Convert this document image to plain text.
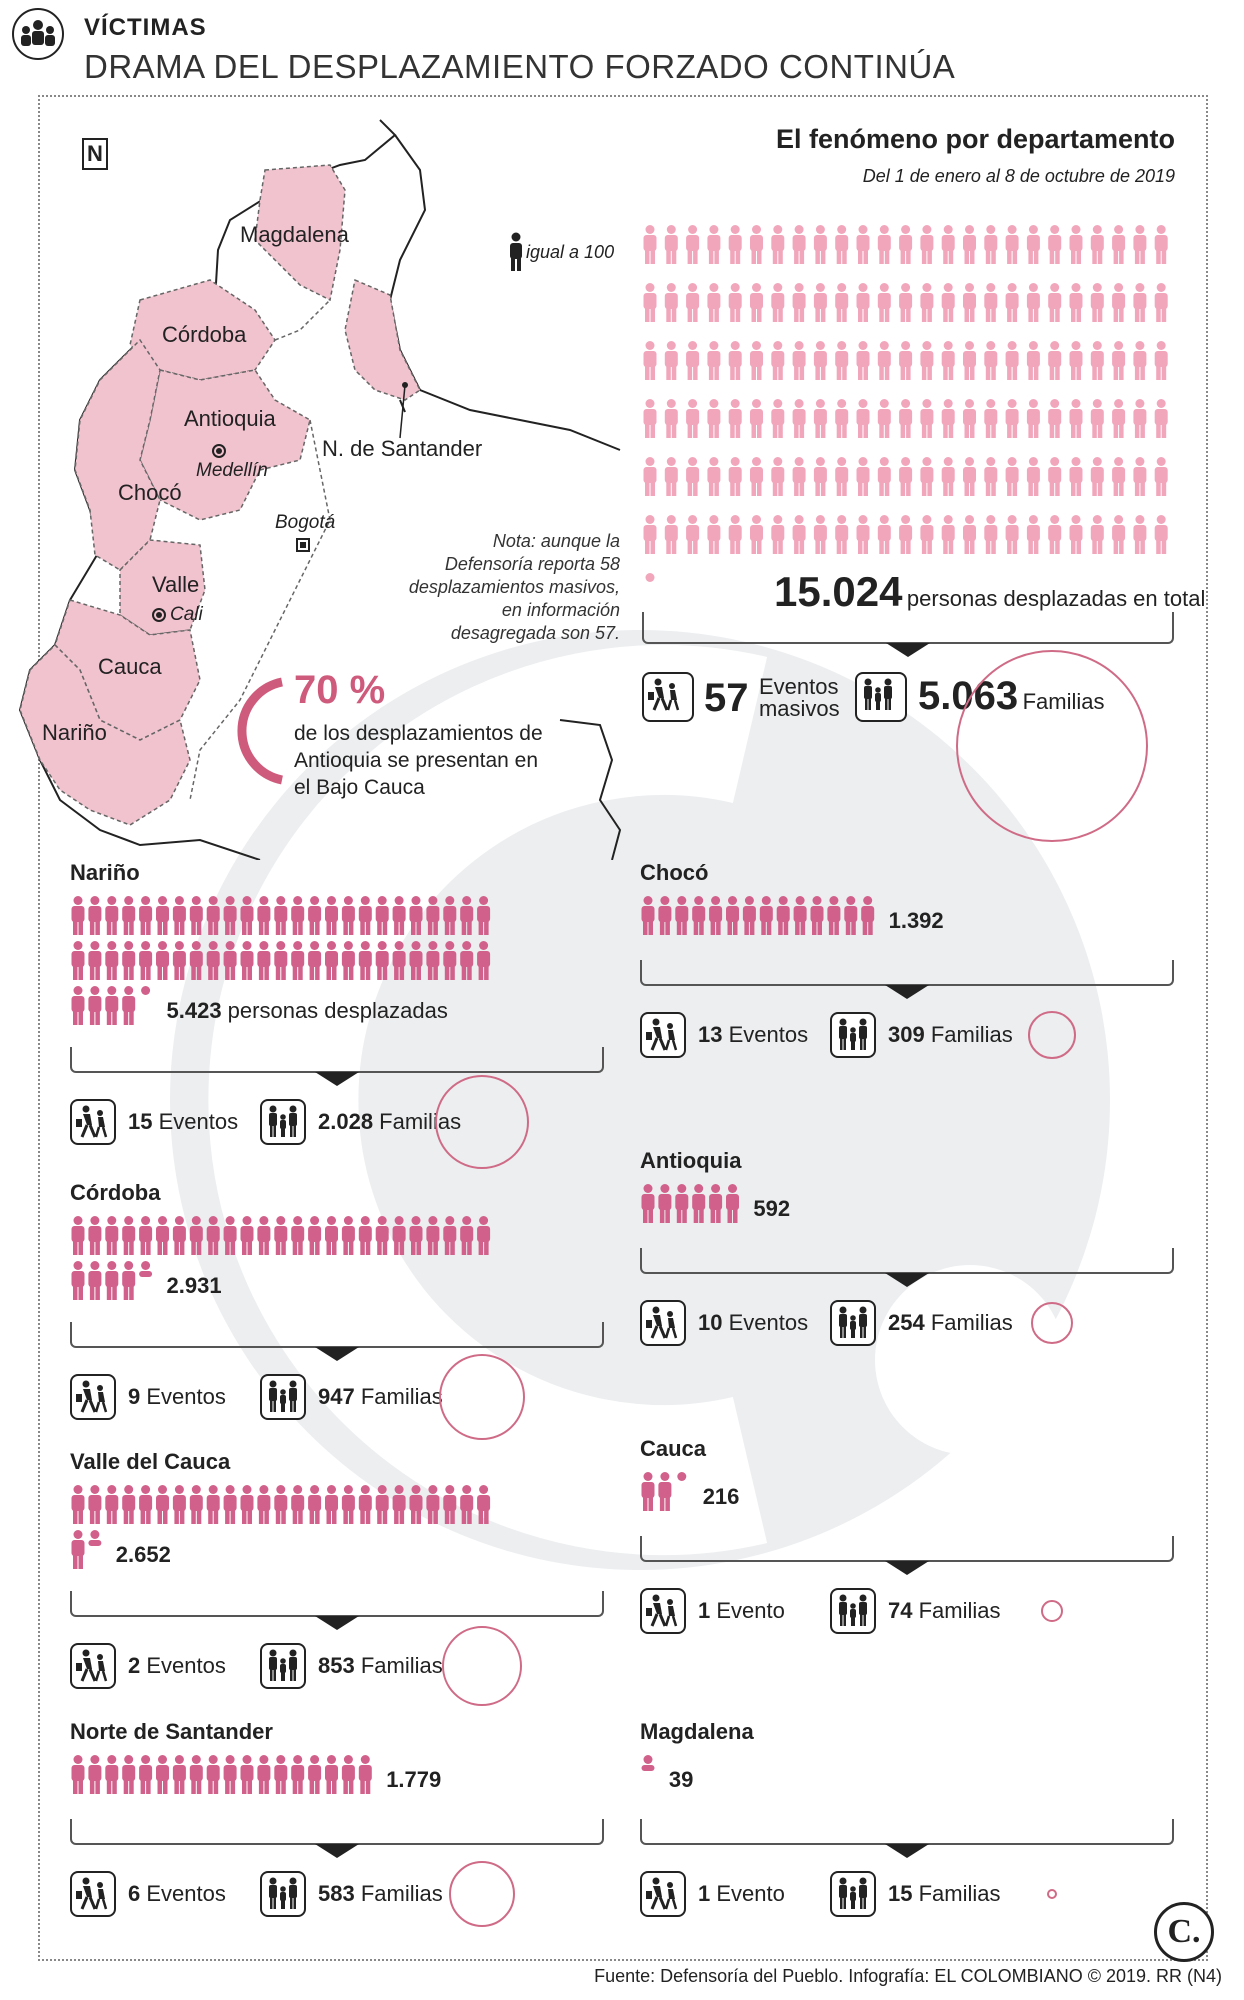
VÍCTIMAS
DRAMA DEL DESPLAZAMIENTO FORZADO CONTINÚA
N
Magdalena
Córdoba
Antioquia
N. de Santander
Chocó
Valle
Cauca
Nariño
Medellín
Bogotá
Cali
igual a 100
Nota: aunque la
Defensoría reporta 58
desplazamientos masivos,
en información
desagregada son 57.
70 %
de los desplazamientos de
Antioquia se presentan en
el Bajo Cauca
El fenómeno por departamento
Del 1 de enero al 8 de octubre de 2019
15.024 personas desplazadas en total
57 Eventos
masivos 5.063 Familias
Nariño
5.423 personas desplazadas
15 Eventos	2.028 Familias
Chocó
1.392
13 Eventos	309 Familias
Córdoba
2.931
9 Eventos	947 Familias
Antioquia
592
10 Eventos	254 Familias
Valle del Cauca
2.652
2 Eventos	853 Familias
Cauca
216
1 Evento	74 Familias
Norte de Santander
1.779
6 Eventos	583 Familias
Magdalena
39
1 Evento	15 Familias
C.
Fuente: Defensoría del Pueblo. Infografía: EL COLOMBIANO © 2019. RR (N4)
